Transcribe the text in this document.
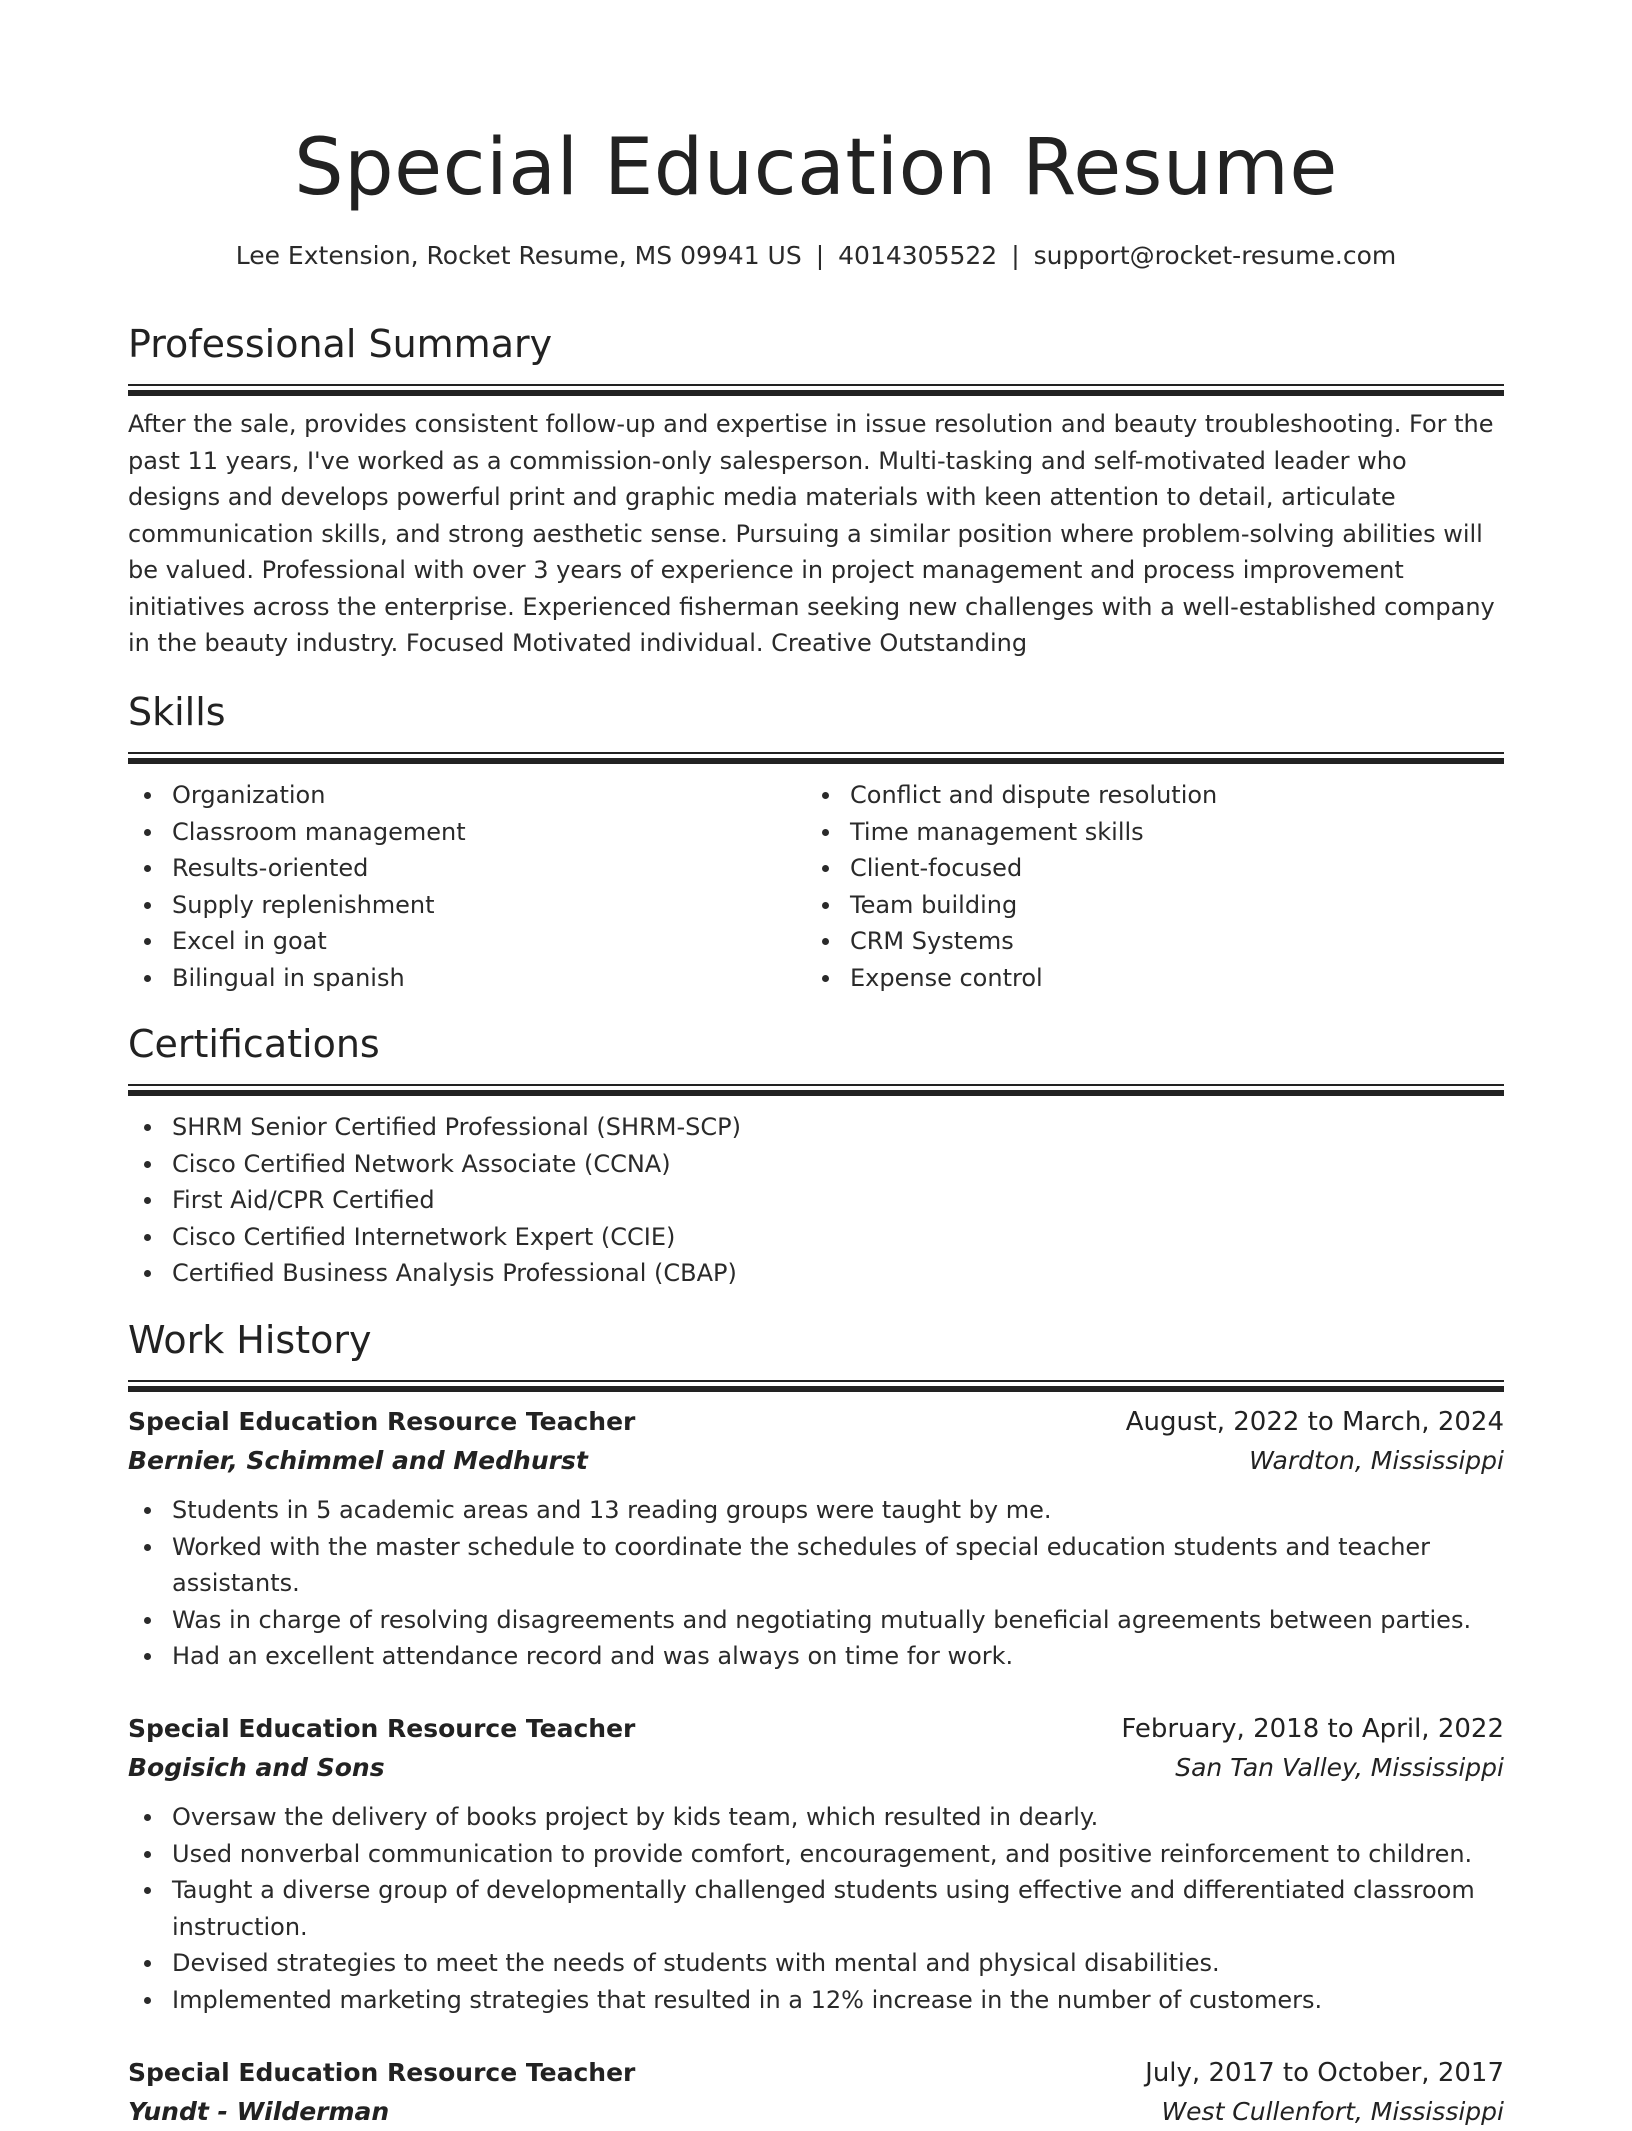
Special Education Resume
Lee Extension, Rocket Resume, MS 09941 US | 4014305522 | support@rocket-resume.com
Professional Summary

After the sale, provides consistent follow-up and expertise in issue resolution and beauty troubleshooting. For the past 11 years, I've worked as a commission-only salesperson. Multi-tasking and self-motivated leader who designs and develops powerful print and graphic media materials with keen attention to detail, articulate communication skills, and strong aesthetic sense. Pursuing a similar position where problem-solving abilities will be valued. Professional with over 3 years of experience in project management and process improvement initiatives across the enterprise. Experienced fisherman seeking new challenges with a well-established company in the beauty industry. Focused Motivated individual. Creative Outstanding

Skills
Organization
Classroom management
Results-oriented
Supply replenishment
Excel in goat
Bilingual in spanish
Conflict and dispute resolution
Time management skills
Client-focused
Team building
CRM Systems
Expense control
Certifications
SHRM Senior Certified Professional (SHRM-SCP)
Cisco Certified Network Associate (CCNA)
First Aid/CPR Certified
Cisco Certified Internetwork Expert (CCIE)
Certified Business Analysis Professional (CBAP)
Work History
Special Education Resource Teacher	August, 2022 to March, 2024
Bernier, Schimmel and Medhurst	Wardton, Mississippi
Students in 5 academic areas and 13 reading groups were taught by me.
Worked with the master schedule to coordinate the schedules of special education students and teacher assistants.
Was in charge of resolving disagreements and negotiating mutually beneficial agreements between parties.
Had an excellent attendance record and was always on time for work.
Special Education Resource Teacher	February, 2018 to April, 2022
Bogisich and Sons	San Tan Valley, Mississippi
Oversaw the delivery of books project by kids team, which resulted in dearly.
Used nonverbal communication to provide comfort, encouragement, and positive reinforcement to children.
Taught a diverse group of developmentally challenged students using effective and differentiated classroom instruction.
Devised strategies to meet the needs of students with mental and physical disabilities.
Implemented marketing strategies that resulted in a 12% increase in the number of customers.
Special Education Resource Teacher	July, 2017 to October, 2017
Yundt - Wilderman	West Cullenfort, Mississippi
